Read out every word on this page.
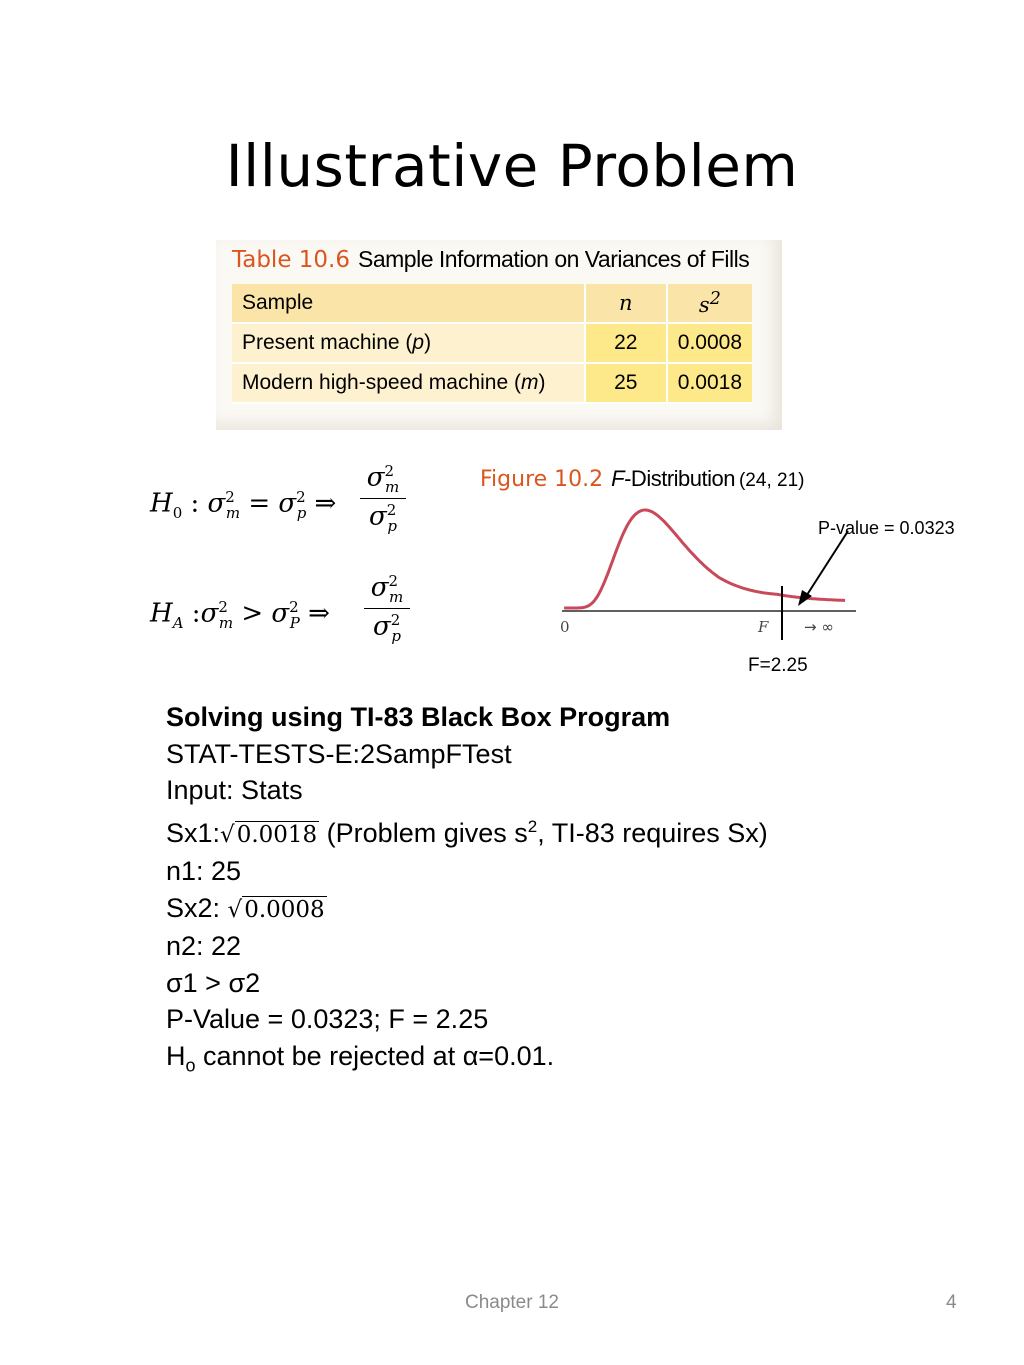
Illustrative Problem
Table 10.6 Sample Information on Variances of Fills
Sample	n	$s^2$
Present machine (p)	22	0.0008
Modern high-speed machine (m)	25	0.0018
$H_0$ : $\sigma^2_m = \sigma^2_p$ ⇒
$H_A$ $:\sigma^2_m > \sigma^2_P$ ⇒
$\sigma^2_m$
$\sigma^2_p$
$\sigma^2_m$
$\sigma^2_p$
Figure 10.2 F-Distribution (24, 21)
P-value = 0.0323
0	F → ∞
F=2.25
Solving using TI-83 Black Box Program
STAT-TESTS-E:2SampFTest
Input: Stats
Sx1:√0.0018 (Problem gives $s^2$, TI-83 requires Sx)
n1: 25
Sx2: √0.0008
n2: 22
σ1 > σ2
P-Value = 0.0323; F = 2.25
$H_o$ cannot be rejected at α=0.01.
Chapter 12	4
